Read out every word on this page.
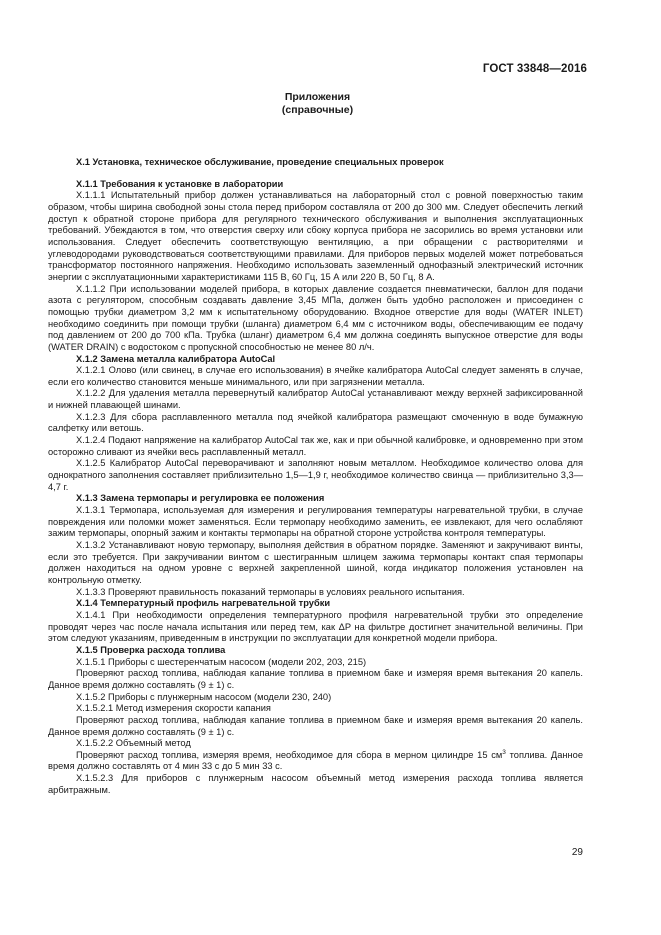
ГОСТ 33848—2016
Приложения
(справочные)

Х.1 Установка, техническое обслуживание, проведение специальных проверок

Х.1.1 Требования к установке в лаборатории

Х.1.1.1 Испытательный прибор должен устанавливаться на лабораторный стол с ровной поверхностью таким образом, чтобы ширина свободной зоны стола перед прибором составляла от 200 до 300 мм. Следует обеспечить легкий доступ к обратной стороне прибора для регулярного технического обслуживания и выполнения эксплуатационных требований. Убеждаются в том, что отверстия сверху или сбоку корпуса прибора не засорились во время установки или использования. Следует обеспечить соответствующую вентиляцию, а при обращении с растворителями и углеводородами руководствоваться соответствующими правилами. Для приборов первых моделей может потребоваться трансформатор постоянного напряжения. Необходимо использовать заземленный однофазный электрический источник энергии с эксплуатационными характеристиками 115 В, 60 Гц, 15 А или 220 В, 50 Гц, 8 А.

Х.1.1.2 При использовании моделей прибора, в которых давление создается пневматически, баллон для подачи азота с регулятором, способным создавать давление 3,45 МПа, должен быть удобно расположен и присоединен с помощью трубки диаметром 3,2 мм к испытательному оборудованию. Входное отверстие для воды (WATER INLET) необходимо соединить при помощи трубки (шланга) диаметром 6,4 мм с источником воды, обеспечивающим ее подачу под давлением от 200 до 700 кПа. Трубка (шланг) диаметром 6,4 мм должна соединять выпускное отверстие для воды (WATER DRAIN) с водостоком с пропускной способностью не менее 80 л/ч.

Х.1.2 Замена металла калибратора AutoCal

Х.1.2.1 Олово (или свинец, в случае его использования) в ячейке калибратора AutoCal следует заменять в случае, если его количество становится меньше минимального, или при загрязнении металла.

Х.1.2.2 Для удаления металла перевернутый калибратор AutoCal устанавливают между верхней зафиксированной и нижней плавающей шинами.

Х.1.2.3 Для сбора расплавленного металла под ячейкой калибратора размещают смоченную в воде бумажную салфетку или ветошь.

Х.1.2.4 Подают напряжение на калибратор AutoCal так же, как и при обычной калибровке, и одновременно при этом осторожно сливают из ячейки весь расплавленный металл.

Х.1.2.5 Калибратор AutoCal переворачивают и заполняют новым металлом. Необходимое количество олова для однократного заполнения составляет приблизительно 1,5—1,9 г, необходимое количество свинца — приблизительно 3,3—4,7 г.

Х.1.3 Замена термопары и регулировка ее положения

Х.1.3.1 Термопара, используемая для измерения и регулирования температуры нагревательной трубки, в случае повреждения или поломки может заменяться. Если термопару необходимо заменить, ее извлекают, для чего ослабляют зажим термопары, опорный зажим и контакты термопары на обратной стороне устройства контроля температуры.

Х.1.3.2 Устанавливают новую термопару, выполняя действия в обратном порядке. Заменяют и закручивают винты, если это требуется. При закручивании винтом с шестигранным шлицем зажима термопары контакт спая термопары должен находиться на одном уровне с верхней закрепленной шиной, когда индикатор положения установлен на контрольную отметку.

Х.1.3.3 Проверяют правильность показаний термопары в условиях реального испытания.

Х.1.4 Температурный профиль нагревательной трубки

Х.1.4.1 При необходимости определения температурного профиля нагревательной трубки это определение проводят через час после начала испытания или перед тем, как ΔP на фильтре достигнет значительной величины. При этом следуют указаниям, приведенным в инструкции по эксплуатации для конкретной модели прибора.

Х.1.5 Проверка расхода топлива

Х.1.5.1 Приборы с шестеренчатым насосом (модели 202, 203, 215)

Проверяют расход топлива, наблюдая капание топлива в приемном баке и измеряя время вытекания 20 капель. Данное время должно составлять (9 ± 1) с.

Х.1.5.2 Приборы с плунжерным насосом (модели 230, 240)

Х.1.5.2.1 Метод измерения скорости капания

Проверяют расход топлива, наблюдая капание топлива в приемном баке и измеряя время вытекания 20 капель. Данное время должно составлять (9 ± 1) с.

Х.1.5.2.2 Объемный метод

Проверяют расход топлива, измеряя время, необходимое для сбора в мерном цилиндре 15 $см^3$ топлива. Данное время должно составлять от 4 мин 33 с до 5 мин 33 с.

Х.1.5.2.3 Для приборов с плунжерным насосом объемный метод измерения расхода топлива является арбитражным.

29
